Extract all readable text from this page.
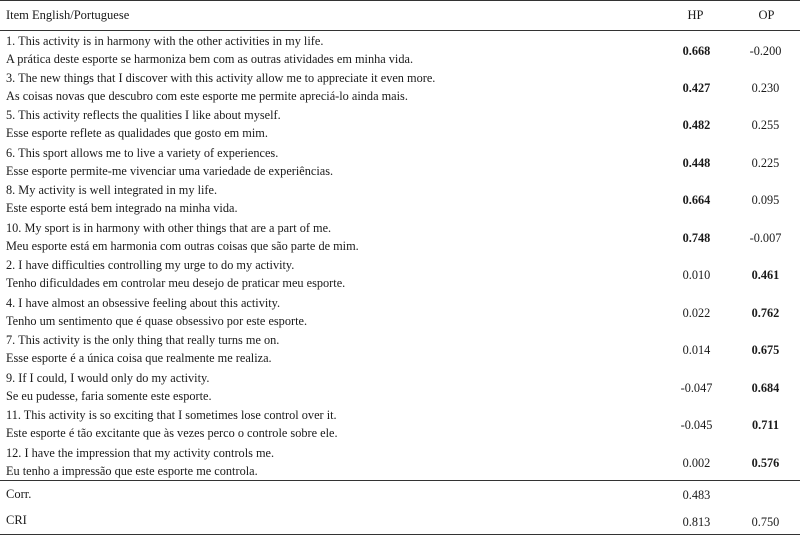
Item English/Portuguese	HP	OP

1. This activity is in harmony with the other activities in my life.
A prática deste esporte se harmoniza bem com as outras atividades em minha vida.	0.668	-0.200

3. The new things that I discover with this activity allow me to appreciate it even more.
As coisas novas que descubro com este esporte me permite apreciá-lo ainda mais.	0.427	0.230

5. This activity reflects the qualities I like about myself.
Esse esporte reflete as qualidades que gosto em mim.	0.482	0.255

6. This sport allows me to live a variety of experiences.
Esse esporte permite-me vivenciar uma variedade de experiências.	0.448	0.225

8. My activity is well integrated in my life.
Este esporte está bem integrado na minha vida.	0.664	0.095

10. My sport is in harmony with other things that are a part of me.
Meu esporte está em harmonia com outras coisas que são parte de mim.	0.748	-0.007

2. I have difficulties controlling my urge to do my activity.
Tenho dificuldades em controlar meu desejo de praticar meu esporte.	0.010	0.461

4. I have almost an obsessive feeling about this activity.
Tenho um sentimento que é quase obsessivo por este esporte.	0.022	0.762

7. This activity is the only thing that really turns me on.
Esse esporte é a única coisa que realmente me realiza.	0.014	0.675

9. If I could, I would only do my activity.
Se eu pudesse, faria somente este esporte.	-0.047	0.684

11. This activity is so exciting that I sometimes lose control over it.
Este esporte é tão excitante que às vezes perco o controle sobre ele.	-0.045	0.711

12. I have the impression that my activity controls me.
Eu tenho a impressão que este esporte me controla.	0.002	0.576
Corr.	0.483	
CRI	0.813	0.750
